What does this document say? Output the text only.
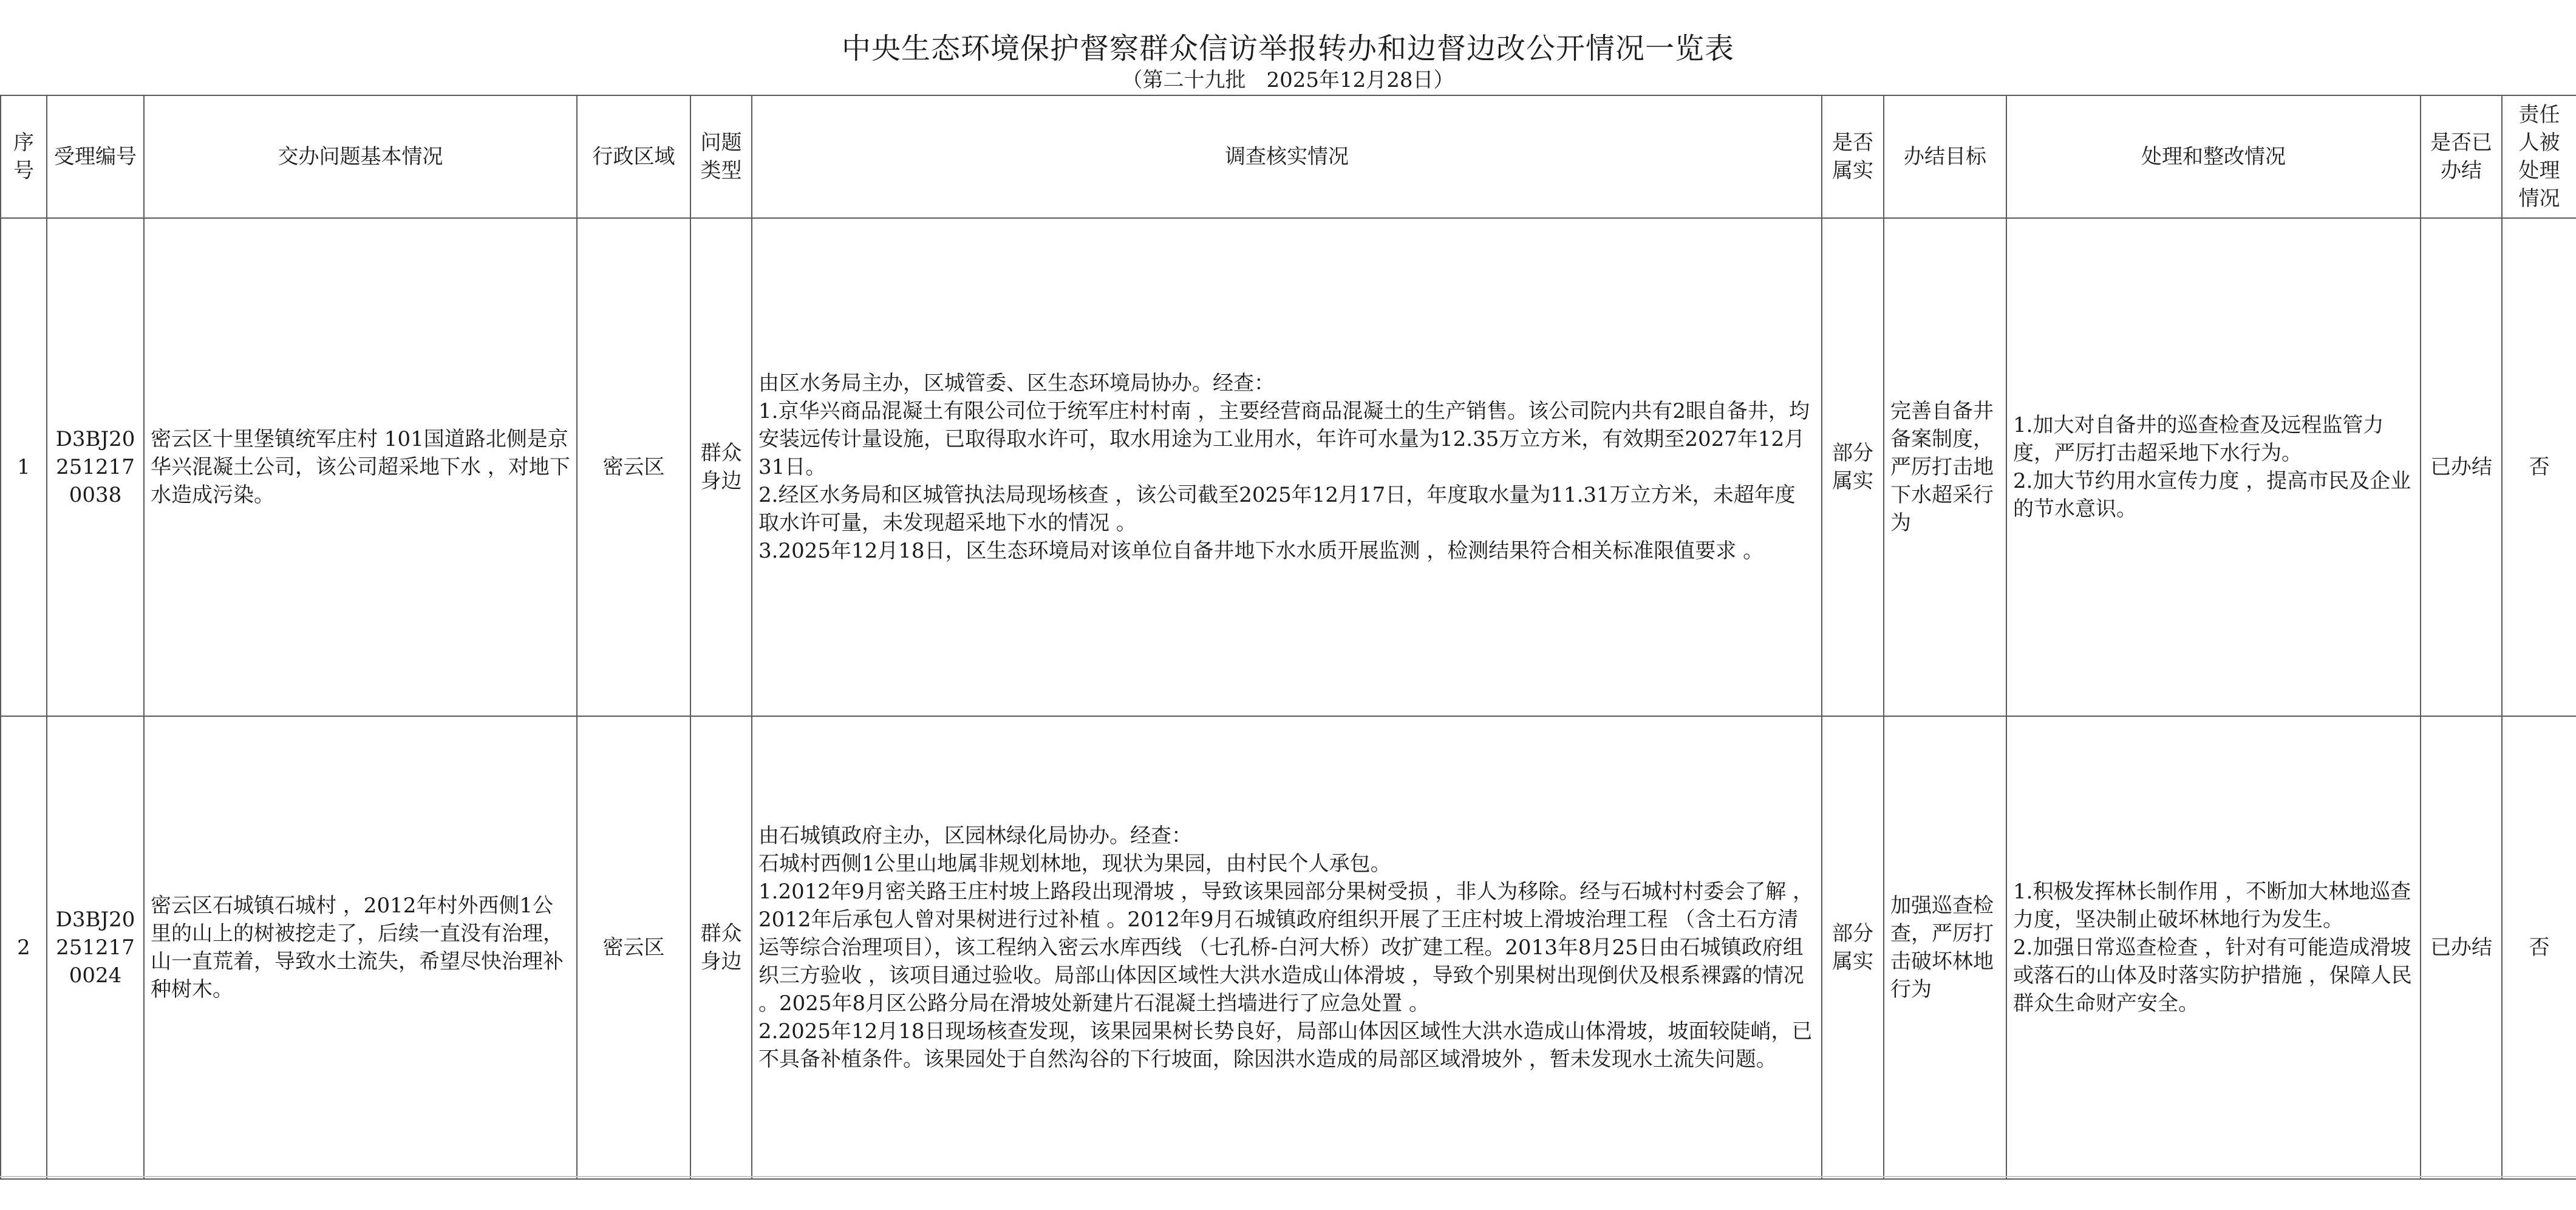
中央生态环境保护督察群众信访举报转办和边督边改公开情况一览表
（第二十九批　2025年12月28日）
序号	受理编号	交办问题基本情况	行政区域	问题类型	调查核实情况	是否属实	办结目标	处理和整改情况	是否已办结	责任人被处理情况
1	D3BJ202512170038	密云区十里堡镇统军庄村 101国道路北侧是京华兴混凝土公司，该公司超采地下水 ，对地下水造成污染。	密云区	群众身边	由区水务局主办，区城管委、区生态环境局协办。经查：
1.京华兴商品混凝土有限公司位于统军庄村村南 ，主要经营商品混凝土的生产销售。该公司院内共有2眼自备井，均安装远传计量设施，已取得取水许可，取水用途为工业用水，年许可水量为12.35万立方米，有效期至2027年12月31日。
2.经区水务局和区城管执法局现场核查 ，该公司截至2025年12月17日，年度取水量为11.31万立方米，未超年度取水许可量，未发现超采地下水的情况 。
3.2025年12月18日，区生态环境局对该单位自备井地下水水质开展监测 ，检测结果符合相关标准限值要求 。	部分属实	完善自备井备案制度，严厉打击地下水超采行为	1.加大对自备井的巡查检查及远程监管力度，严厉打击超采地下水行为。
2.加大节约用水宣传力度 ，提高市民及企业的节水意识。	已办结	否
2	D3BJ202512170024	密云区石城镇石城村 ，2012年村外西侧1公里的山上的树被挖走了，后续一直没有治理，山一直荒着，导致水土流失，希望尽快治理补种树木。	密云区	群众身边	由石城镇政府主办，区园林绿化局协办。经查：
石城村西侧1公里山地属非规划林地，现状为果园，由村民个人承包。
1.2012年9月密关路王庄村坡上路段出现滑坡 ，导致该果园部分果树受损 ，非人为移除。经与石城村村委会了解 ，2012年后承包人曾对果树进行过补植 。2012年9月石城镇政府组织开展了王庄村坡上滑坡治理工程 （含土石方清运等综合治理项目），该工程纳入密云水库西线 （七孔桥-白河大桥）改扩建工程。2013年8月25日由石城镇政府组织三方验收 ，该项目通过验收。局部山体因区域性大洪水造成山体滑坡 ，导致个别果树出现倒伏及根系裸露的情况 。2025年8月区公路分局在滑坡处新建片石混凝土挡墙进行了应急处置 。
2.2025年12月18日现场核查发现，该果园果树长势良好，局部山体因区域性大洪水造成山体滑坡，坡面较陡峭，已不具备补植条件。该果园处于自然沟谷的下行坡面，除因洪水造成的局部区域滑坡外 ，暂未发现水土流失问题。	部分属实	加强巡查检查，严厉打击破坏林地行为	1.积极发挥林长制作用 ，不断加大林地巡查力度，坚决制止破坏林地行为发生。
2.加强日常巡查检查 ，针对有可能造成滑坡或落石的山体及时落实防护措施 ，保障人民群众生命财产安全。	已办结	否
